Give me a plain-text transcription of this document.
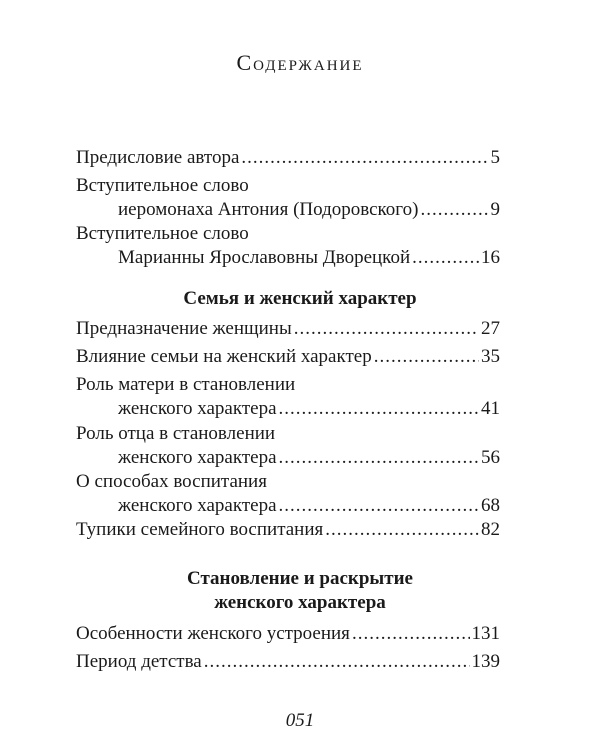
Содержание
Предисловие автора .....	5
Вступительное слово
иеромонаха Антония (Подоровского) .....	9
Вступительное слово
Марианны Ярославовны Дворецкой .....	16
Предназначение женщины .....	27
Влияние семьи на женский характер .....	35
Роль матери в становлении
женского характера .....	41
Роль отца в становлении
женского характера .....	56
О способах воспитания
женского характера .....	68
Тупики семейного воспитания .....	82
Особенности женского устроения .....	131
Период детства .....	139
Семья и женский характер
Становление и раскрытие
женского характера
051
